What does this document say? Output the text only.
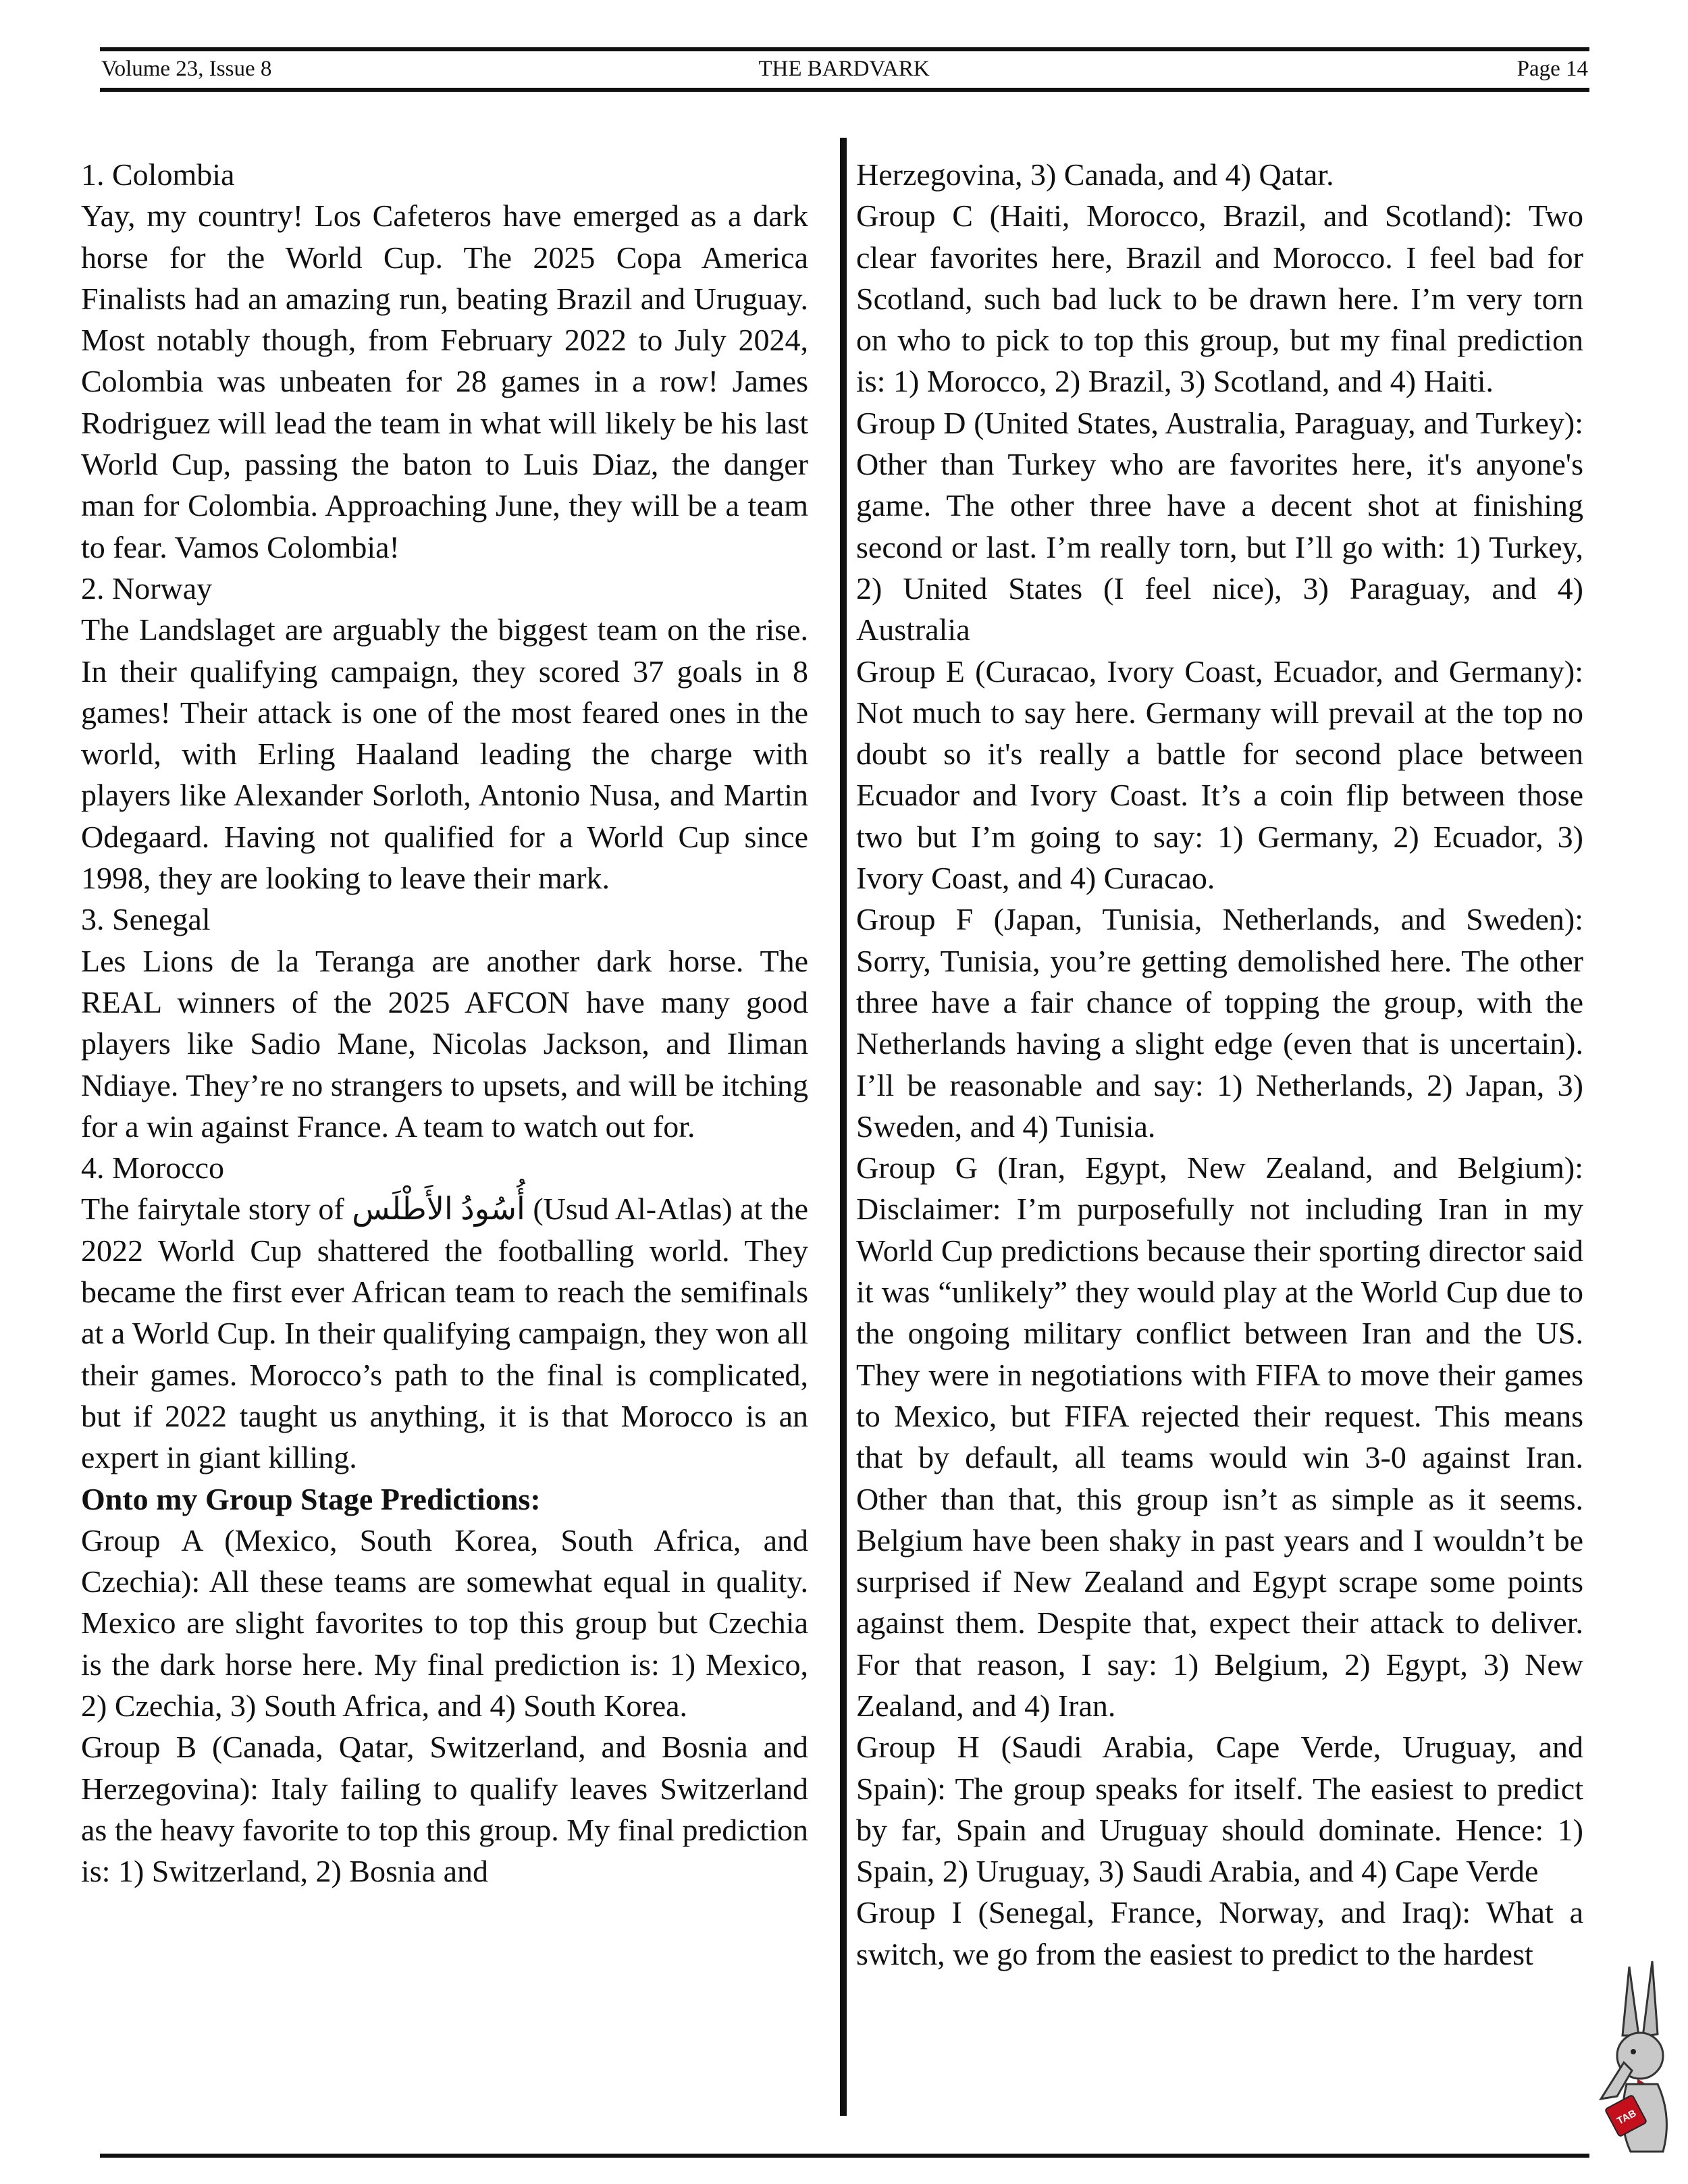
Volume 23, Issue 8	THE BARDVARK	Page 14

1. Colombia

Yay, my country! Los Cafeteros have emerged as a dark horse for the World Cup. The 2025 Copa America Finalists had an amazing run, beating Brazil and Uruguay. Most notably though, from February 2022 to July 2024, Colombia was unbeaten for 28 games in a row! James Rodriguez will lead the team in what will likely be his last World Cup, passing the baton to Luis Diaz, the danger man for Colombia. Approaching June, they will be a team to fear. Vamos Colombia!

2. Norway

The Landslaget are arguably the biggest team on the rise. In their qualifying campaign, they scored 37 goals in 8 games! Their attack is one of the most feared ones in the world, with Erling Haaland leading the charge with players like Alexander Sorloth, Antonio Nusa, and Martin Odegaard. Having not qualified for a World Cup since 1998, they are looking to leave their mark.

3. Senegal

Les Lions de la Teranga are another dark horse. The REAL winners of the 2025 AFCON have many good players like Sadio Mane, Nicolas Jackson, and Iliman Ndiaye. They’re no strangers to upsets, and will be itching for a win against France. A team to watch out for.

4. Morocco

The fairytale story of أُسُودُ الأَطْلَس (Usud Al-Atlas) at the 2022 World Cup shattered the footballing world. They became the first ever African team to reach the semifinals at a World Cup. In their qualifying campaign, they won all their games. Morocco’s path to the final is complicated, but if 2022 taught us anything, it is that Morocco is an expert in giant killing.

Onto my Group Stage Predictions:

Group A (Mexico, South Korea, South Africa, and Czechia): All these teams are somewhat equal in quality. Mexico are slight favorites to top this group but Czechia is the dark horse here. My final prediction is: 1) Mexico, 2) Czechia, 3) South Africa, and 4) South Korea.

Group B (Canada, Qatar, Switzerland, and Bosnia and Herzegovina): Italy failing to qualify leaves Switzerland as the heavy favorite to top this group. My final prediction is: 1) Switzerland, 2) Bosnia and

Herzegovina, 3) Canada, and 4) Qatar.

Group C (Haiti, Morocco, Brazil, and Scotland): Two clear favorites here, Brazil and Morocco. I feel bad for Scotland, such bad luck to be drawn here. I’m very torn on who to pick to top this group, but my final prediction is: 1) Morocco, 2) Brazil, 3) Scotland, and 4) Haiti.

Group D (United States, Australia, Paraguay, and Turkey): Other than Turkey who are favorites here, it's anyone's game. The other three have a decent shot at finishing second or last. I’m really torn, but I’ll go with: 1) Turkey, 2) United States (I feel nice), 3) Paraguay, and 4) Australia

Group E (Curacao, Ivory Coast, Ecuador, and Germany): Not much to say here. Germany will prevail at the top no doubt so it's really a battle for second place between Ecuador and Ivory Coast. It’s a coin flip between those two but I’m going to say: 1) Germany, 2) Ecuador, 3) Ivory Coast, and 4) Curacao.

Group F (Japan, Tunisia, Netherlands, and Sweden): Sorry, Tunisia, you’re getting demolished here. The other three have a fair chance of topping the group, with the Netherlands having a slight edge (even that is uncertain). I’ll be reasonable and say: 1) Netherlands, 2) Japan, 3) Sweden, and 4) Tunisia.

Group G (Iran, Egypt, New Zealand, and Belgium): Disclaimer: I’m purposefully not including Iran in my World Cup predictions because their sporting director said it was “unlikely” they would play at the World Cup due to the ongoing military conflict between Iran and the US. They were in negotiations with FIFA to move their games to Mexico, but FIFA rejected their request. This means that by default, all teams would win 3-0 against Iran. Other than that, this group isn’t as simple as it seems. Belgium have been shaky in past years and I wouldn’t be surprised if New Zealand and Egypt scrape some points against them. Despite that, expect their attack to deliver. For that reason, I say: 1) Belgium, 2) Egypt, 3) New Zealand, and 4) Iran.

Group H (Saudi Arabia, Cape Verde, Uruguay, and Spain): The group speaks for itself. The easiest to predict by far, Spain and Uruguay should dominate. Hence: 1) Spain, 2) Uruguay, 3) Saudi Arabia, and 4) Cape Verde

Group I (Senegal, France, Norway, and Iraq): What a switch, we go from the easiest to predict to the hardest

TAB
